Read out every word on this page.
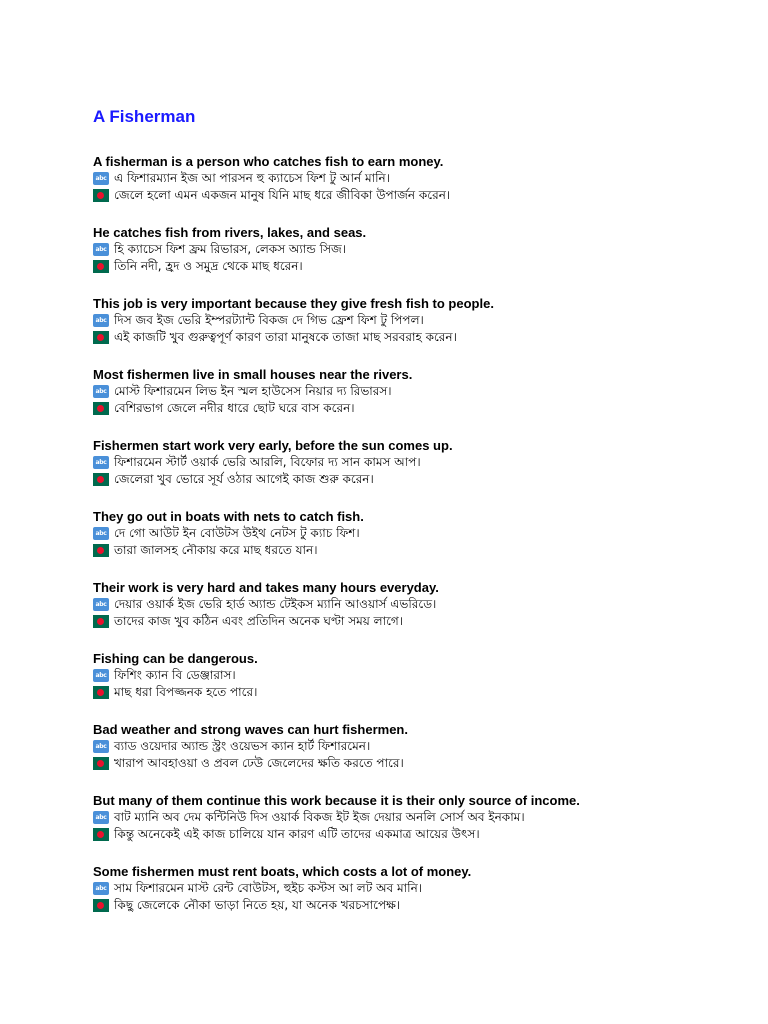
A Fisherman
A fisherman is a person who catches fish to earn money.
abc এ ফিশারম্যান ইজ আ পারসন হু ক্যাচেস ফিশ টু আর্ন মানি।
জেলে হলো এমন একজন মানুষ যিনি মাছ ধরে জীবিকা উপার্জন করেন।
He catches fish from rivers, lakes, and seas.
abc হি ক্যাচেস ফিশ ফ্রম রিভারস, লেকস অ্যান্ড সিজ।
তিনি নদী, হ্রদ ও সমুদ্র থেকে মাছ ধরেন।
This job is very important because they give fresh fish to people.
abc দিস জব ইজ ভেরি ইম্পরট্যান্ট বিকজ দে গিভ ফ্রেশ ফিশ টু পিপল।
এই কাজটি খুব গুরুত্বপূর্ণ কারণ তারা মানুষকে তাজা মাছ সরবরাহ করেন।
Most fishermen live in small houses near the rivers.
abc মোস্ট ফিশারমেন লিভ ইন স্মল হাউসেস নিয়ার দ্য রিভারস।
বেশিরভাগ জেলে নদীর ধারে ছোট ঘরে বাস করেন।
Fishermen start work very early, before the sun comes up.
abc ফিশারমেন স্টার্ট ওয়ার্ক ভেরি আরলি, বিফোর দ্য সান কামস আপ।
জেলেরা খুব ভোরে সূর্য ওঠার আগেই কাজ শুরু করেন।
They go out in boats with nets to catch fish.
abc দে গো আউট ইন বোউটস উইথ নেটস টু ক্যাচ ফিশ।
তারা জালসহ নৌকায় করে মাছ ধরতে যান।
Their work is very hard and takes many hours everyday.
abc দেয়ার ওয়ার্ক ইজ ভেরি হার্ড অ্যান্ড টেইকস ম্যানি আওয়ার্স এভরিডে।
তাদের কাজ খুব কঠিন এবং প্রতিদিন অনেক ঘণ্টা সময় লাগে।
Fishing can be dangerous.
abc ফিশিং ক্যান বি ডেঞ্জারাস।
মাছ ধরা বিপজ্জনক হতে পারে।
Bad weather and strong waves can hurt fishermen.
abc ব্যাড ওয়েদার অ্যান্ড স্ট্রং ওয়েভস ক্যান হার্ট ফিশারমেন।
খারাপ আবহাওয়া ও প্রবল ঢেউ জেলেদের ক্ষতি করতে পারে।
But many of them continue this work because it is their only source of income.
abc বাট ম্যানি অব দেম কন্টিনিউ দিস ওয়ার্ক বিকজ ইট ইজ দেয়ার অনলি সোর্স অব ইনকাম।
কিন্তু অনেকেই এই কাজ চালিয়ে যান কারণ এটি তাদের একমাত্র আয়ের উৎস।
Some fishermen must rent boats, which costs a lot of money.
abc সাম ফিশারমেন মাস্ট রেন্ট বোউটস, হুইচ কস্টস আ লট অব মানি।
কিছু জেলেকে নৌকা ভাড়া নিতে হয়, যা অনেক খরচসাপেক্ষ।
